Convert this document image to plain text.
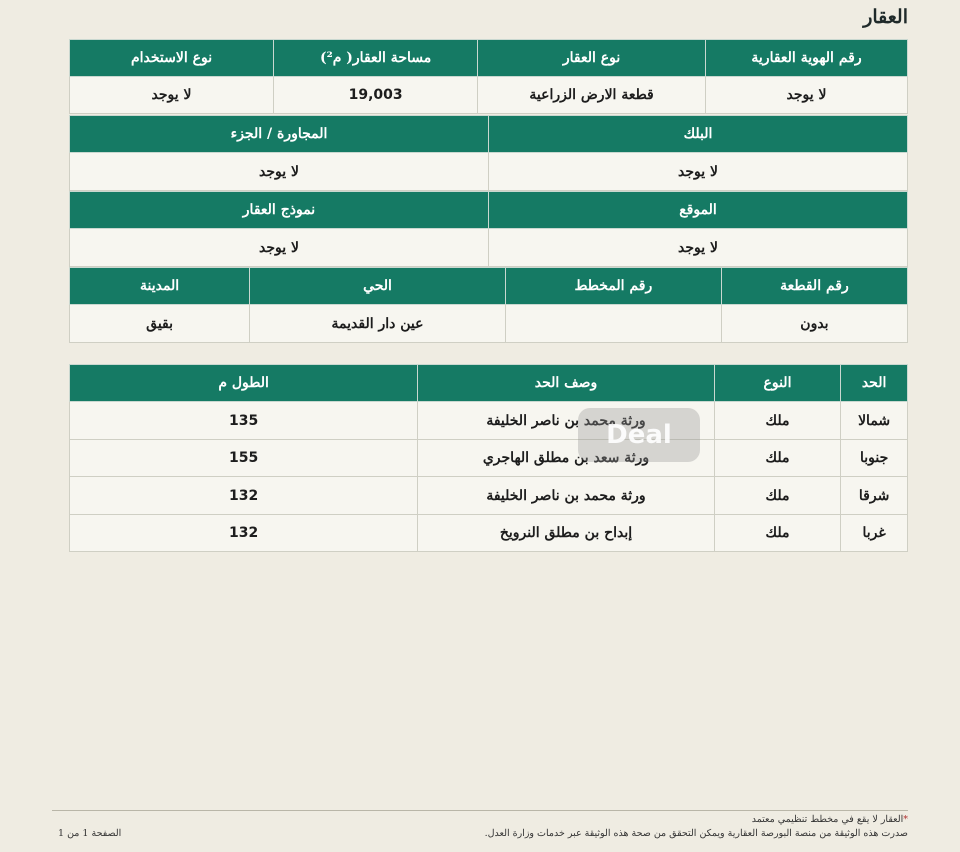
العقار
رقم الهوية العقارية	نوع العقار	مساحة العقار( م²)	نوع الاستخدام
لا يوجد	قطعة الارض الزراعية	19,003	لا يوجد
البلك	المجاورة / الجزء
لا يوجد	لا يوجد
الموقع	نموذج العقار
لا يوجد	لا يوجد
رقم القطعة	رقم المخطط	الحي	المدينة
بدون		عين دار القديمة	بقيق
الحد	النوع	وصف الحد	الطول م
شمالا	ملك	ورثة محمد بن ناصر الخليفة	135
جنوبا	ملك	ورثة سعد بن مطلق الهاجري	155
شرقا	ملك	ورثة محمد بن ناصر الخليفة	132
غربا	ملك	إبداح بن مطلق النرويخ	132
Deal
*العقار لا يقع في مخطط تنظيمي معتمد
صدرت هذه الوثيقة من منصة البورصة العقارية ويمكن التحقق من صحة هذه الوثيقة عبر خدمات وزارة العدل.
الصفحة 1 من 1
